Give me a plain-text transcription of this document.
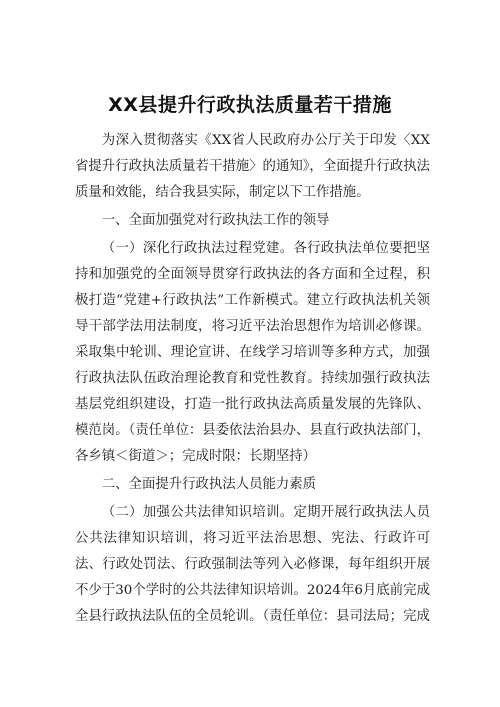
XX县提升行政执法质量若干措施

为深入贯彻落实《XX省人民政府办公厅关于印发〈XX省提升行政执法质量若干措施〉的通知》，全面提升行政执法质量和效能，结合我县实际，制定以下工作措施。

一、全面加强党对行政执法工作的领导

（一）深化行政执法过程党建。各行政执法单位要把坚持和加强党的全面领导贯穿行政执法的各方面和全过程，积极打造“党建+行政执法”工作新模式。建立行政执法机关领导干部学法用法制度，将习近平法治思想作为培训必修课。采取集中轮训、理论宣讲、在线学习培训等多种方式，加强行政执法队伍政治理论教育和党性教育。持续加强行政执法基层党组织建设，打造一批行政执法高质量发展的先锋队、模范岗。（责任单位：县委依法治县办、县直行政执法部门，各乡镇＜街道＞；完成时限：长期坚持）

二、全面提升行政执法人员能力素质

（二）加强公共法律知识培训。定期开展行政执法人员公共法律知识培训，将习近平法治思想、宪法、行政许可法、行政处罚法、行政强制法等列入必修课，每年组织开展不少于30个学时的公共法律知识培训。2024年6月底前完成全县行政执法队伍的全员轮训。（责任单位：县司法局；完成
